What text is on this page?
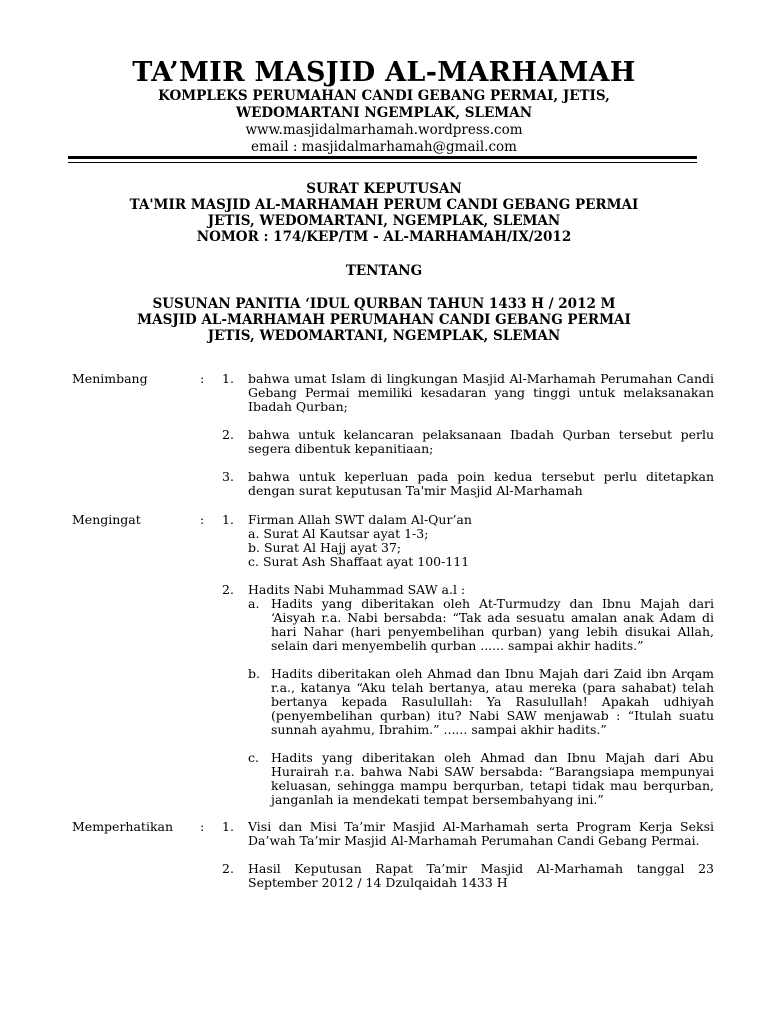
TA’MIR MASJID AL-MARHAMAH
KOMPLEKS PERUMAHAN CANDI GEBANG PERMAI, JETIS,
WEDOMARTANI NGEMPLAK, SLEMAN
www.masjidalmarhamah.wordpress.com
email : masjidalmarhamah@gmail.com
SURAT KEPUTUSAN
TA'MIR MASJID AL-MARHAMAH PERUM CANDI GEBANG PERMAI
JETIS, WEDOMARTANI, NGEMPLAK, SLEMAN
NOMOR : 174/KEP/TM - AL-MARHAMAH/IX/2012
TENTANG
SUSUNAN PANITIA ‘IDUL QURBAN TAHUN 1433 H / 2012 M
MASJID AL-MARHAMAH PERUMAHAN CANDI GEBANG PERMAI
JETIS, WEDOMARTANI, NGEMPLAK, SLEMAN
Menimbang	: 1. bahwa umat Islam di lingkungan Masjid Al-Marhamah Perumahan Candi Gebang Permai memiliki kesadaran yang tinggi untuk melaksanakan Ibadah Qurban;
2. bahwa untuk kelancaran pelaksanaan Ibadah Qurban tersebut perlu segera dibentuk kepanitiaan;
3. bahwa untuk keperluan pada poin kedua tersebut perlu ditetapkan dengan surat keputusan Ta'mir Masjid Al-Marhamah
Mengingat	: 1. Firman Allah SWT dalam Al-Qur’an
a. Surat Al Kautsar ayat 1-3;
b. Surat Al Hajj ayat 37;
c. Surat Ash Shaffaat ayat 100-111
2. Hadits Nabi Muhammad SAW a.l :
a. Hadits yang diberitakan oleh At-Turmudzy dan Ibnu Majah dari ‘Aisyah r.a. Nabi bersabda: “Tak ada sesuatu amalan anak Adam di hari Nahar (hari penyembelihan qurban) yang lebih disukai Allah, selain dari menyembelih qurban ...... sampai akhir hadits.”
b. Hadits diberitakan oleh Ahmad dan Ibnu Majah dari Zaid ibn Arqam r.a., katanya “Aku telah bertanya, atau mereka (para sahabat) telah bertanya kepada Rasulullah: Ya Rasulullah! Apakah udhiyah (penyembelihan qurban) itu? Nabi SAW menjawab : “Itulah suatu sunnah ayahmu, Ibrahim.” ...... sampai akhir hadits.”
c. Hadits yang diberitakan oleh Ahmad dan Ibnu Majah dari Abu Hurairah r.a. bahwa Nabi SAW bersabda: “Barangsiapa mempunyai keluasan, sehingga mampu berqurban, tetapi tidak mau berqurban, janganlah ia mendekati tempat bersembahyang ini.”
Memperhatikan : 1. Visi dan Misi Ta’mir Masjid Al-Marhamah serta Program Kerja Seksi Da’wah Ta’mir Masjid Al-Marhamah Perumahan Candi Gebang Permai.
2. Hasil Keputusan Rapat Ta’mir Masjid Al-Marhamah tanggal 23 September 2012 / 14 Dzulqaidah 1433 H
